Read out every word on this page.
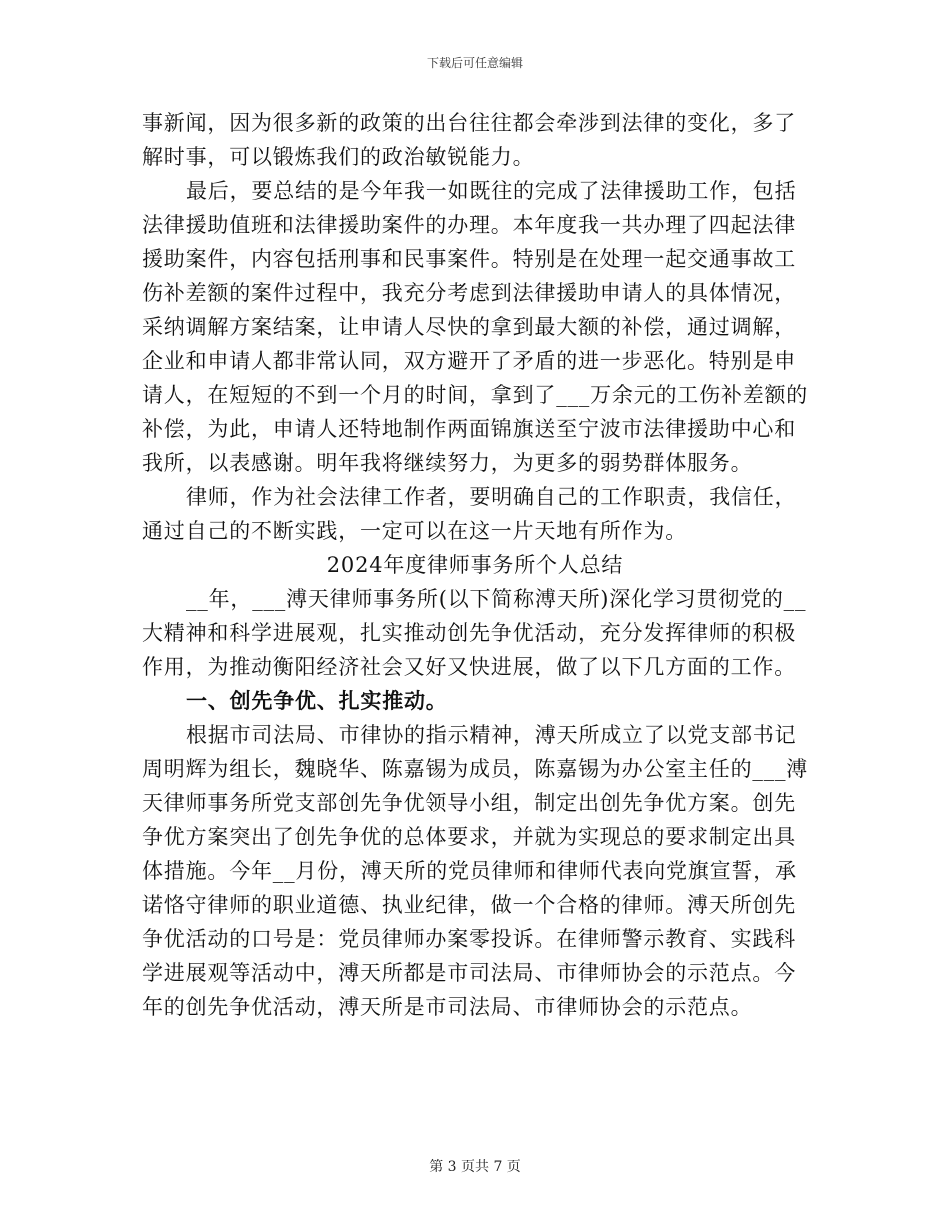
下载后可任意编辑
事新闻，因为很多新的政策的出台往往都会牵涉到法律的变化，多了
解时事，可以锻炼我们的政治敏锐能力。
最后，要总结的是今年我一如既往的完成了法律援助工作，包括
法律援助值班和法律援助案件的办理。本年度我一共办理了四起法律
援助案件，内容包括刑事和民事案件。特别是在处理一起交通事故工
伤补差额的案件过程中，我充分考虑到法律援助申请人的具体情况，
采纳调解方案结案，让申请人尽快的拿到最大额的补偿，通过调解，
企业和申请人都非常认同，双方避开了矛盾的进一步恶化。特别是申
请人，在短短的不到一个月的时间，拿到了___万余元的工伤补差额的
补偿，为此，申请人还特地制作两面锦旗送至宁波市法律援助中心和
我所，以表感谢。明年我将继续努力，为更多的弱势群体服务。
律师，作为社会法律工作者，要明确自己的工作职责，我信任，
通过自己的不断实践，一定可以在这一片天地有所作为。
2024年度律师事务所个人总结
__年，___溥天律师事务所(以下简称溥天所)深化学习贯彻党的__
大精神和科学进展观，扎实推动创先争优活动，充分发挥律师的积极
作用，为推动衡阳经济社会又好又快进展，做了以下几方面的工作。
一、创先争优、扎实推动。
根据市司法局、市律协的指示精神，溥天所成立了以党支部书记
周明辉为组长，魏晓华、陈嘉锡为成员，陈嘉锡为办公室主任的___溥
天律师事务所党支部创先争优领导小组，制定出创先争优方案。创先
争优方案突出了创先争优的总体要求，并就为实现总的要求制定出具
体措施。今年__月份，溥天所的党员律师和律师代表向党旗宣誓，承
诺恪守律师的职业道德、执业纪律，做一个合格的律师。溥天所创先
争优活动的口号是：党员律师办案零投诉。在律师警示教育、实践科
学进展观等活动中，溥天所都是市司法局、市律师协会的示范点。今
年的创先争优活动，溥天所是市司法局、市律师协会的示范点。
第 3 页共 7 页
